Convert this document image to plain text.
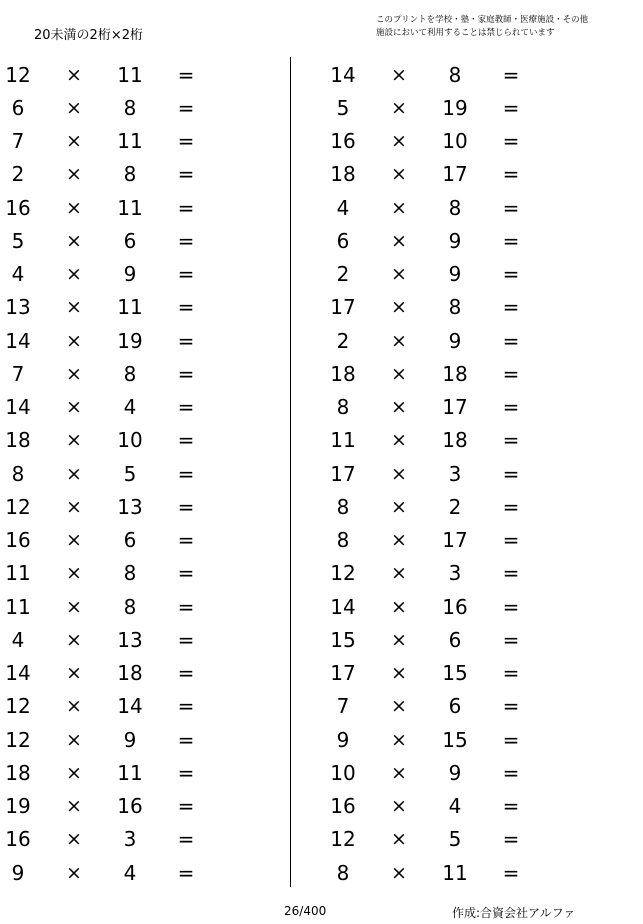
20未満の2桁×2桁
このプリントを学校・塾・家庭教師・医療施設・その他
施設において利用することは禁じられています
12 × 11 =
6 × 8 =
7 × 11 =
2 × 8 =
16 × 11 =
5 × 6 =
4 × 9 =
13 × 11 =
14 × 19 =
7 × 8 =
14 × 4 =
18 × 10 =
8 × 5 =
12 × 13 =
16 × 6 =
11 × 8 =
11 × 8 =
4 × 13 =
14 × 18 =
12 × 14 =
12 × 9 =
18 × 11 =
19 × 16 =
16 × 3 =
9 × 4 =
14 × 8 =
5 × 19 =
16 × 10 =
18 × 17 =
4 × 8 =
6 × 9 =
2 × 9 =
17 × 8 =
2 × 9 =
18 × 18 =
8 × 17 =
11 × 18 =
17 × 3 =
8 × 2 =
8 × 17 =
12 × 3 =
14 × 16 =
15 × 6 =
17 × 15 =
7 × 6 =
9 × 15 =
10 × 9 =
16 × 4 =
12 × 5 =
8 × 11 =
26/400	作成:合資会社アルファ
